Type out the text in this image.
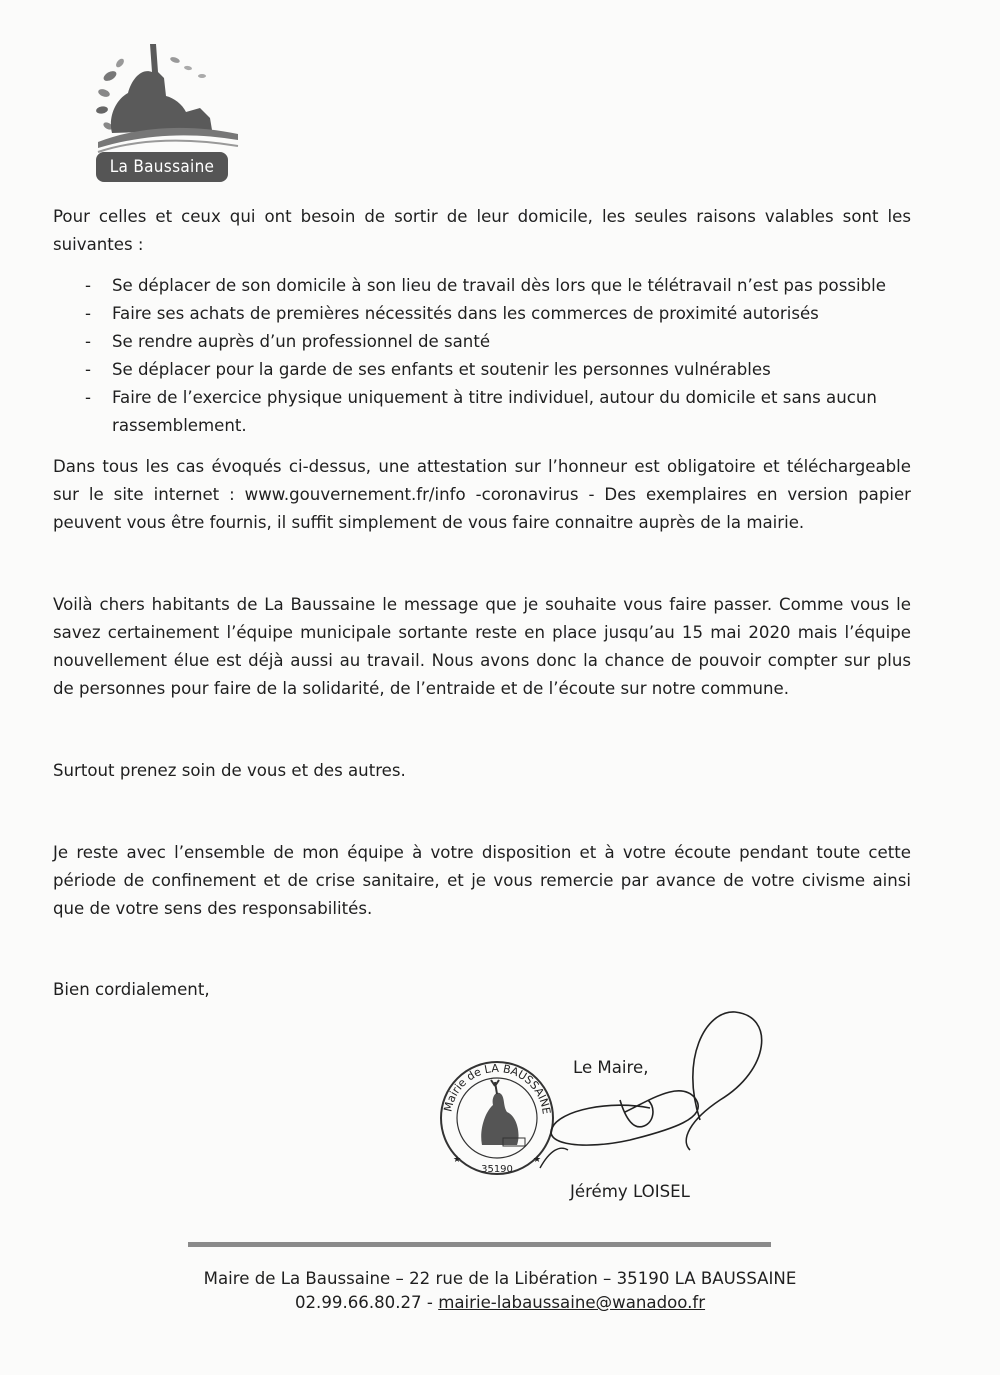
La Baussaine

Pour celles et ceux qui ont besoin de sortir de leur domicile, les seules raisons valables sont les suivantes :

- Se déplacer de son domicile à son lieu de travail dès lors que le télétravail n’est pas possible
- Faire ses achats de premières nécessités dans les commerces de proximité autorisés
- Se rendre auprès d’un professionnel de santé
- Se déplacer pour la garde de ses enfants et soutenir les personnes vulnérables
- Faire de l’exercice physique uniquement à titre individuel, autour du domicile et sans aucun rassemblement.

Dans tous les cas évoqués ci-dessus, une attestation sur l’honneur est obligatoire et téléchargeable sur le site internet : www.gouvernement.fr/info -coronavirus - Des exemplaires en version papier peuvent vous être fournis, il suffit simplement de vous faire connaitre auprès de la mairie.

Voilà chers habitants de La Baussaine le message que je souhaite vous faire passer. Comme vous le savez certainement l’équipe municipale sortante reste en place jusqu’au 15 mai 2020 mais l’équipe nouvellement élue est déjà aussi au travail. Nous avons donc la chance de pouvoir compter sur plus de personnes pour faire de la solidarité, de l’entraide et de l’écoute sur notre commune.

Surtout prenez soin de vous et des autres.

Je reste avec l’ensemble de mon équipe à votre disposition et à votre écoute pendant toute cette période de confinement et de crise sanitaire, et je vous remercie par avance de votre civisme ainsi que de votre sens des responsabilités.

Bien cordialement,

Le Maire,
Mairie de LA BAUSSAINE
35190
★	★
Jérémy LOISEL
Maire de La Baussaine – 22 rue de la Libération – 35190 LA BAUSSAINE
02.99.66.80.27 - mairie-labaussaine@wanadoo.fr
